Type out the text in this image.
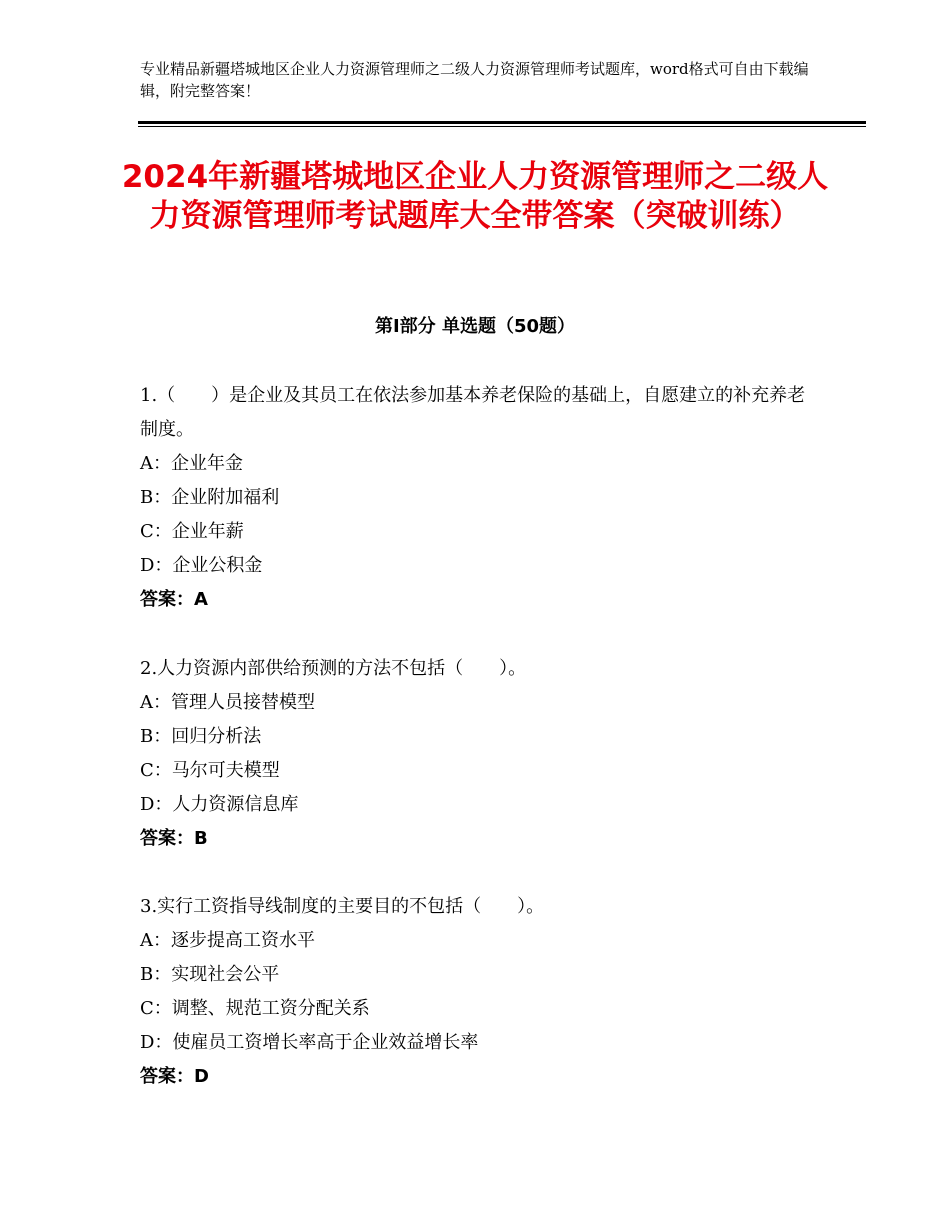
专业精品新疆塔城地区企业人力资源管理师之二级人力资源管理师考试题库，word格式可自由下载编辑，附完整答案！
2024年新疆塔城地区企业人力资源管理师之二级人力资源管理师考试题库大全带答案（突破训练）
第Ⅰ部分 单选题（50题）

1.（　　）是企业及其员工在依法参加基本养老保险的基础上，自愿建立的补充养老制度。

A：企业年金

B：企业附加福利

C：企业年薪

D：企业公积金

答案：A

2.人力资源内部供给预测的方法不包括（　　）。

A：管理人员接替模型

B：回归分析法

C：马尔可夫模型

D：人力资源信息库

答案：B

3.实行工资指导线制度的主要目的不包括（　　）。

A：逐步提高工资水平

B：实现社会公平

C：调整、规范工资分配关系

D：使雇员工资增长率高于企业效益增长率

答案：D
